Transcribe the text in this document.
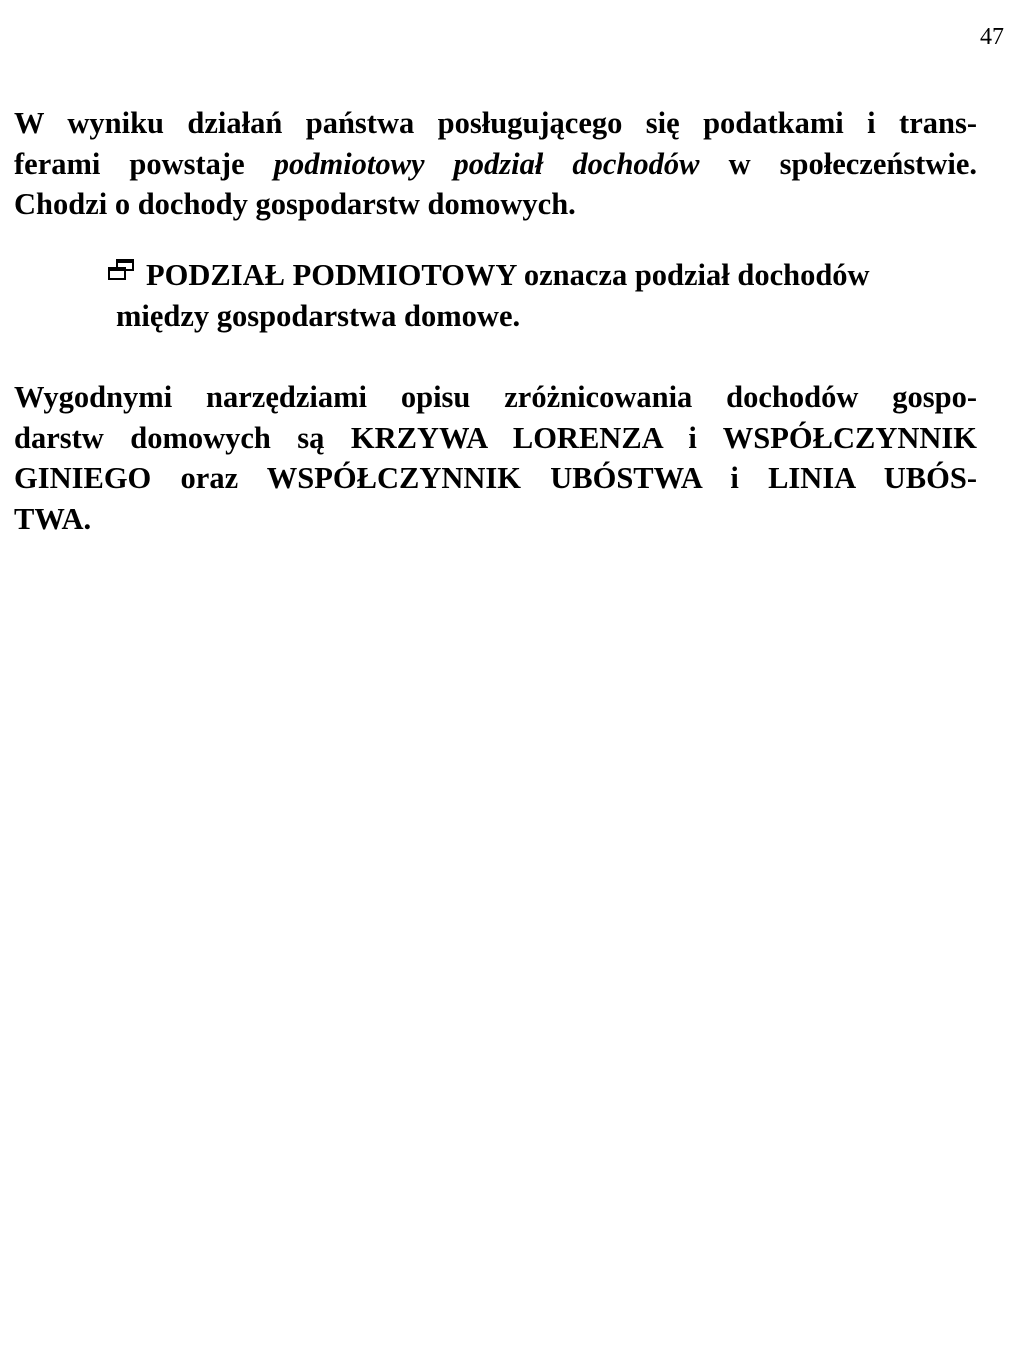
47
W wyniku działań państwa posługującego się podatkami i trans-
ferami powstaje podmiotowy podział dochodów w społeczeństwie.
Chodzi o dochody gospodarstw domowych.
PODZIAŁ PODMIOTOWY oznacza podział dochodów
między gospodarstwa domowe.
Wygodnymi narzędziami opisu zróżnicowania dochodów gospo-
darstw domowych są KRZYWA LORENZA i WSPÓŁCZYNNIK
GINIEGO oraz WSPÓŁCZYNNIK UBÓSTWA i LINIA UBÓS-
TWA.
